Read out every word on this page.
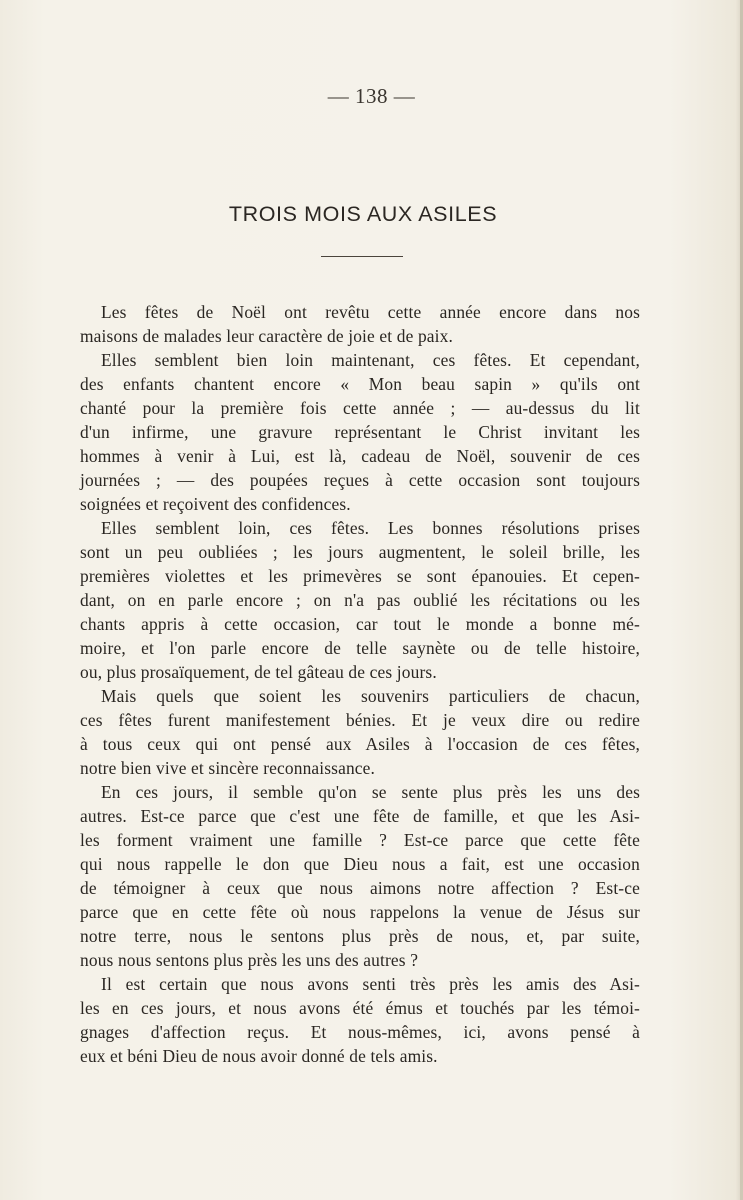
— 138 —
TROIS MOIS AUX ASILES
Les fêtes de Noël ont revêtu cette année encore dans nos
maisons de malades leur caractère de joie et de paix.
Elles semblent bien loin maintenant, ces fêtes. Et cependant,
des enfants chantent encore « Mon beau sapin » qu'ils ont
chanté pour la première fois cette année ; — au-dessus du lit
d'un infirme, une gravure représentant le Christ invitant les
hommes à venir à Lui, est là, cadeau de Noël, souvenir de ces
journées ; — des poupées reçues à cette occasion sont toujours
soignées et reçoivent des confidences.
Elles semblent loin, ces fêtes. Les bonnes résolutions prises
sont un peu oubliées ; les jours augmentent, le soleil brille, les
premières violettes et les primevères se sont épanouies. Et cepen-
dant, on en parle encore ; on n'a pas oublié les récitations ou les
chants appris à cette occasion, car tout le monde a bonne mé-
moire, et l'on parle encore de telle saynète ou de telle histoire,
ou, plus prosaïquement, de tel gâteau de ces jours.
Mais quels que soient les souvenirs particuliers de chacun,
ces fêtes furent manifestement bénies. Et je veux dire ou redire
à tous ceux qui ont pensé aux Asiles à l'occasion de ces fêtes,
notre bien vive et sincère reconnaissance.
En ces jours, il semble qu'on se sente plus près les uns des
autres. Est-ce parce que c'est une fête de famille, et que les Asi-
les forment vraiment une famille ? Est-ce parce que cette fête
qui nous rappelle le don que Dieu nous a fait, est une occasion
de témoigner à ceux que nous aimons notre affection ? Est-ce
parce que en cette fête où nous rappelons la venue de Jésus sur
notre terre, nous le sentons plus près de nous, et, par suite,
nous nous sentons plus près les uns des autres ?
Il est certain que nous avons senti très près les amis des Asi-
les en ces jours, et nous avons été émus et touchés par les témoi-
gnages d'affection reçus. Et nous-mêmes, ici, avons pensé à
eux et béni Dieu de nous avoir donné de tels amis.
